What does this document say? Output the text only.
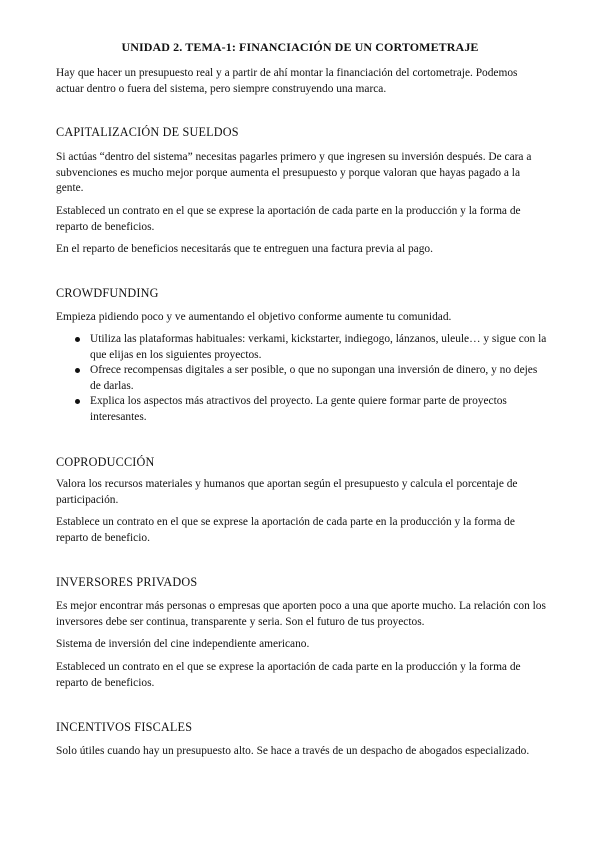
UNIDAD 2. TEMA-1: FINANCIACIÓN DE UN CORTOMETRAJE

Hay que hacer un presupuesto real y a partir de ahí montar la financiación del cortometraje. Podemos actuar dentro o fuera del sistema, pero siempre construyendo una marca.

CAPITALIZACIÓN DE SUELDOS

Si actúas “dentro del sistema” necesitas pagarles primero y que ingresen su inversión después. De cara a subvenciones es mucho mejor porque aumenta el presupuesto y porque valoran que hayas pagado a la gente.

Estableced un contrato en el que se exprese la aportación de cada parte en la producción y la forma de reparto de beneficios.

En el reparto de beneficios necesitarás que te entreguen una factura previa al pago.

CROWDFUNDING

Empieza pidiendo poco y ve aumentando el objetivo conforme aumente tu comunidad.

Utiliza las plataformas habituales: verkami, kickstarter, indiegogo, lánzanos, uleule… y sigue con la que elijas en los siguientes proyectos.
Ofrece recompensas digitales a ser posible, o que no supongan una inversión de dinero, y no dejes de darlas.
Explica los aspectos más atractivos del proyecto. La gente quiere formar parte de proyectos interesantes.
COPRODUCCIÓN

Valora los recursos materiales y humanos que aportan según el presupuesto y calcula el porcentaje de participación.

Establece un contrato en el que se exprese la aportación de cada parte en la producción y la forma de reparto de beneficio.

INVERSORES PRIVADOS

Es mejor encontrar más personas o empresas que aporten poco a una que aporte mucho. La relación con los inversores debe ser continua, transparente y seria. Son el futuro de tus proyectos.

Sistema de inversión del cine independiente americano.

Estableced un contrato en el que se exprese la aportación de cada parte en la producción y la forma de reparto de beneficios.

INCENTIVOS FISCALES

Solo útiles cuando hay un presupuesto alto. Se hace a través de un despacho de abogados especializado.
